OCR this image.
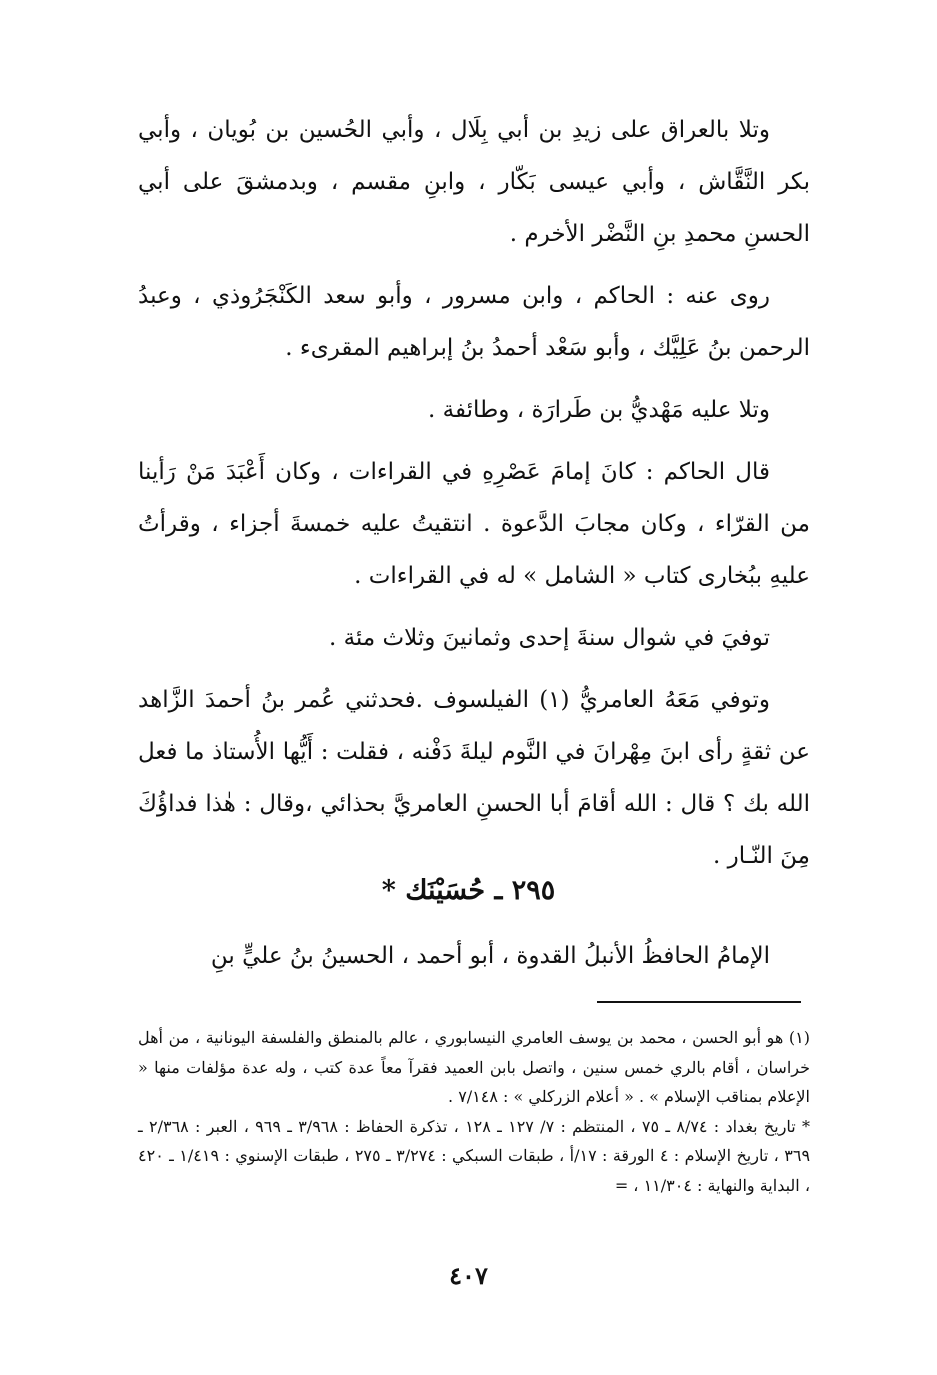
وتلا بالعراق على زيدِ بن أبي بِلَال ، وأبي الحُسين بن بُويان ، وأبي بكر النَّقَّاش ، وأبي عيسى بَكّار ، وابنِ مقسم ، وبدمشقَ على أبي الحسنِ محمدِ بنِ النَّضْر الأخرم .

روى عنه : الحاكم ، وابن مسرور ، وأبو سعد الكَنْجَرُوذي ، وعبدُ الرحمن بنُ عَلِيَّك ، وأبو سَعْد أحمدُ بنُ إبراهيم المقرىء .

وتلا عليه مَهْديُّ بن طَرارَة ، وطائفة .

قال الحاكم : كانَ إمامَ عَصْرِهِ في القراءات ، وكان أَعْبَدَ مَنْ رَأينا من القرّاء ، وكان مجابَ الدَّعوة . انتقيتُ عليه خمسةَ أجزاء ، وقرأتُ عليهِ ببُخارى كتاب « الشامل » له في القراءات .

توفيَ في شوال سنةَ إحدى وثمانينَ وثلاث مئة .

وتوفي مَعَهُ العامريُّ (١) الفيلسوف .فحدثني عُمر بنُ أحمدَ الزَّاهد عن ثقةٍ رأى ابنَ مِهْرانَ في النَّوم ليلةَ دَفْنه ، فقلت : أَيُّها الأُستاذ ما فعل الله بك ؟ قال : الله أقامَ أبا الحسنِ العامريَّ بحذائي ،وقال : هٰذا فداؤُكَ مِنَ النّـار .

٢٩٥ ـ حُسَيْنَك *

الإمامُ الحافظُ الأنبلُ القدوة ، أبو أحمد ، الحسينُ بنُ عليٍّ بنِ

(١) هو أبو الحسن ، محمد بن يوسف العامري النيسابوري ، عالم بالمنطق والفلسفة اليونانية ، من أهل خراسان ، أقام بالري خمس سنين ، واتصل بابن العميد فقرآ معاً عدة كتب ، وله عدة مؤلفات منها « الإعلام بمناقب الإسلام » . « أعلام الزركلي » : ٧/١٤٨ .

* تاريخ بغداد : ٨/٧٤ ـ ٧٥ ، المنتظم : ٧/ ١٢٧ ـ ١٢٨ ، تذكرة الحفاظ : ٣/٩٦٨ ـ ٩٦٩ ، العبر : ٢/٣٦٨ ـ ٣٦٩ ، تاريخ الإسلام : ٤ الورقة : ١٧/أ ، طبقات السبكي : ٣/٢٧٤ ـ ٢٧٥ ، طبقات الإسنوي : ١/٤١٩ ـ ٤٢٠ ، البداية والنهاية : ١١/٣٠٤ ، =

٤٠٧
